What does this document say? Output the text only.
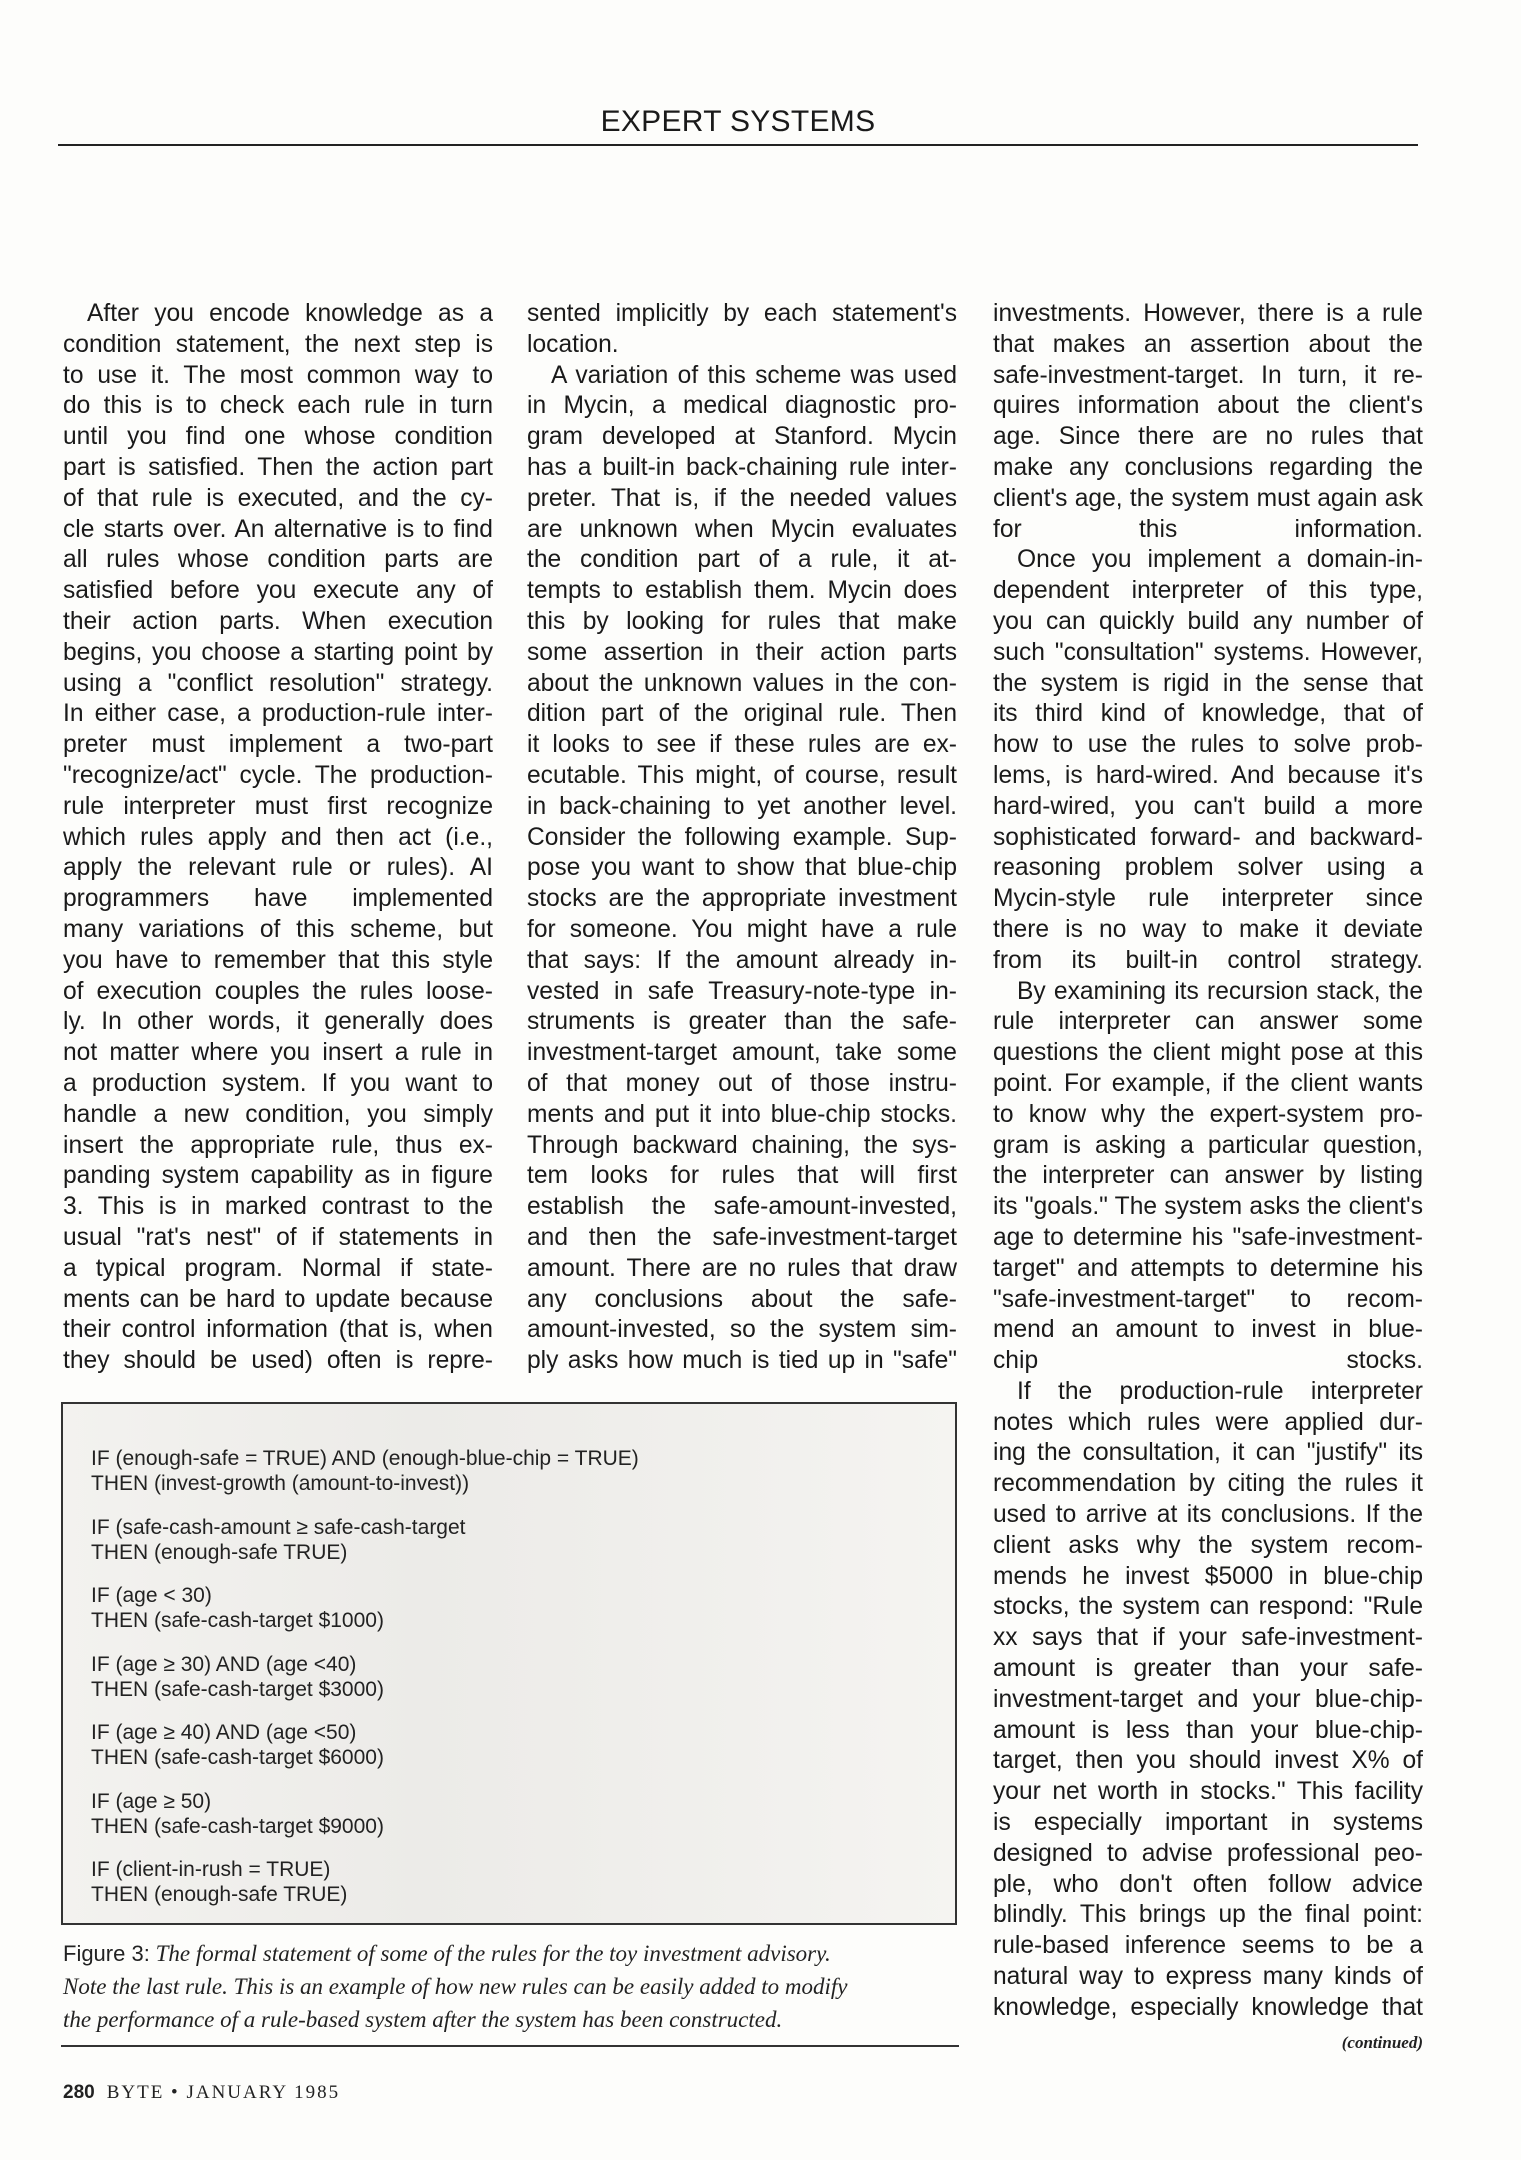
EXPERT SYSTEMS
After you encode knowledge as a
condition statement, the next step is
to use it. The most common way to
do this is to check each rule in turn
until you find one whose condition
part is satisfied. Then the action part
of that rule is executed, and the cy-
cle starts over. An alternative is to find
all rules whose condition parts are
satisfied before you execute any of
their action parts. When execution
begins, you choose a starting point by
using a "conflict resolution" strategy.
In either case, a production-rule inter-
preter must implement a two-part
"recognize/act" cycle. The production-
rule interpreter must first recognize
which rules apply and then act (i.e.,
apply the relevant rule or rules). AI
programmers have implemented
many variations of this scheme, but
you have to remember that this style
of execution couples the rules loose-
ly. In other words, it generally does
not matter where you insert a rule in
a production system. If you want to
handle a new condition, you simply
insert the appropriate rule, thus ex-
panding system capability as in figure
3. This is in marked contrast to the
usual "rat's nest" of if statements in
a typical program. Normal if state-
ments can be hard to update because
their control information (that is, when
they should be used) often is repre-
sented implicitly by each statement's
location.
A variation of this scheme was used
in Mycin, a medical diagnostic pro-
gram developed at Stanford. Mycin
has a built-in back-chaining rule inter-
preter. That is, if the needed values
are unknown when Mycin evaluates
the condition part of a rule, it at-
tempts to establish them. Mycin does
this by looking for rules that make
some assertion in their action parts
about the unknown values in the con-
dition part of the original rule. Then
it looks to see if these rules are ex-
ecutable. This might, of course, result
in back-chaining to yet another level.
Consider the following example. Sup-
pose you want to show that blue-chip
stocks are the appropriate investment
for someone. You might have a rule
that says: If the amount already in-
vested in safe Treasury-note-type in-
struments is greater than the safe-
investment-target amount, take some
of that money out of those instru-
ments and put it into blue-chip stocks.
Through backward chaining, the sys-
tem looks for rules that will first
establish the safe-amount-invested,
and then the safe-investment-target
amount. There are no rules that draw
any conclusions about the safe-
amount-invested, so the system sim-
ply asks how much is tied up in "safe"
investments. However, there is a rule
that makes an assertion about the
safe-investment-target. In turn, it re-
quires information about the client's
age. Since there are no rules that
make any conclusions regarding the
client's age, the system must again ask
for this information.
Once you implement a domain-in-
dependent interpreter of this type,
you can quickly build any number of
such "consultation" systems. However,
the system is rigid in the sense that
its third kind of knowledge, that of
how to use the rules to solve prob-
lems, is hard-wired. And because it's
hard-wired, you can't build a more
sophisticated forward- and backward-
reasoning problem solver using a
Mycin-style rule interpreter since
there is no way to make it deviate
from its built-in control strategy.
By examining its recursion stack, the
rule interpreter can answer some
questions the client might pose at this
point. For example, if the client wants
to know why the expert-system pro-
gram is asking a particular question,
the interpreter can answer by listing
its "goals." The system asks the client's
age to determine his "safe-investment-
target" and attempts to determine his
"safe-investment-target" to recom-
mend an amount to invest in blue-
chip stocks.
If the production-rule interpreter
notes which rules were applied dur-
ing the consultation, it can "justify" its
recommendation by citing the rules it
used to arrive at its conclusions. If the
client asks why the system recom-
mends he invest $5000 in blue-chip
stocks, the system can respond: "Rule
xx says that if your safe-investment-
amount is greater than your safe-
investment-target and your blue-chip-
amount is less than your blue-chip-
target, then you should invest X% of
your net worth in stocks." This facility
is especially important in systems
designed to advise professional peo-
ple, who don't often follow advice
blindly. This brings up the final point:
rule-based inference seems to be a
natural way to express many kinds of
knowledge, especially knowledge that
IF (enough-safe = TRUE) AND (enough-blue-chip = TRUE)
THEN (invest-growth (amount-to-invest))
IF (safe-cash-amount ≥ safe-cash-target
THEN (enough-safe TRUE)
IF (age < 30)
THEN (safe-cash-target $1000)
IF (age ≥ 30) AND (age <40)
THEN (safe-cash-target $3000)
IF (age ≥ 40) AND (age <50)
THEN (safe-cash-target $6000)
IF (age ≥ 50)
THEN (safe-cash-target $9000)
IF (client-in-rush = TRUE)
THEN (enough-safe TRUE)
Figure 3: The formal statement of some of the rules for the toy investment advisory.
Note the last rule. This is an example of how new rules can be easily added to modify
the performance of a rule-based system after the system has been constructed.
(continued)
280 BYTE • JANUARY 1985
